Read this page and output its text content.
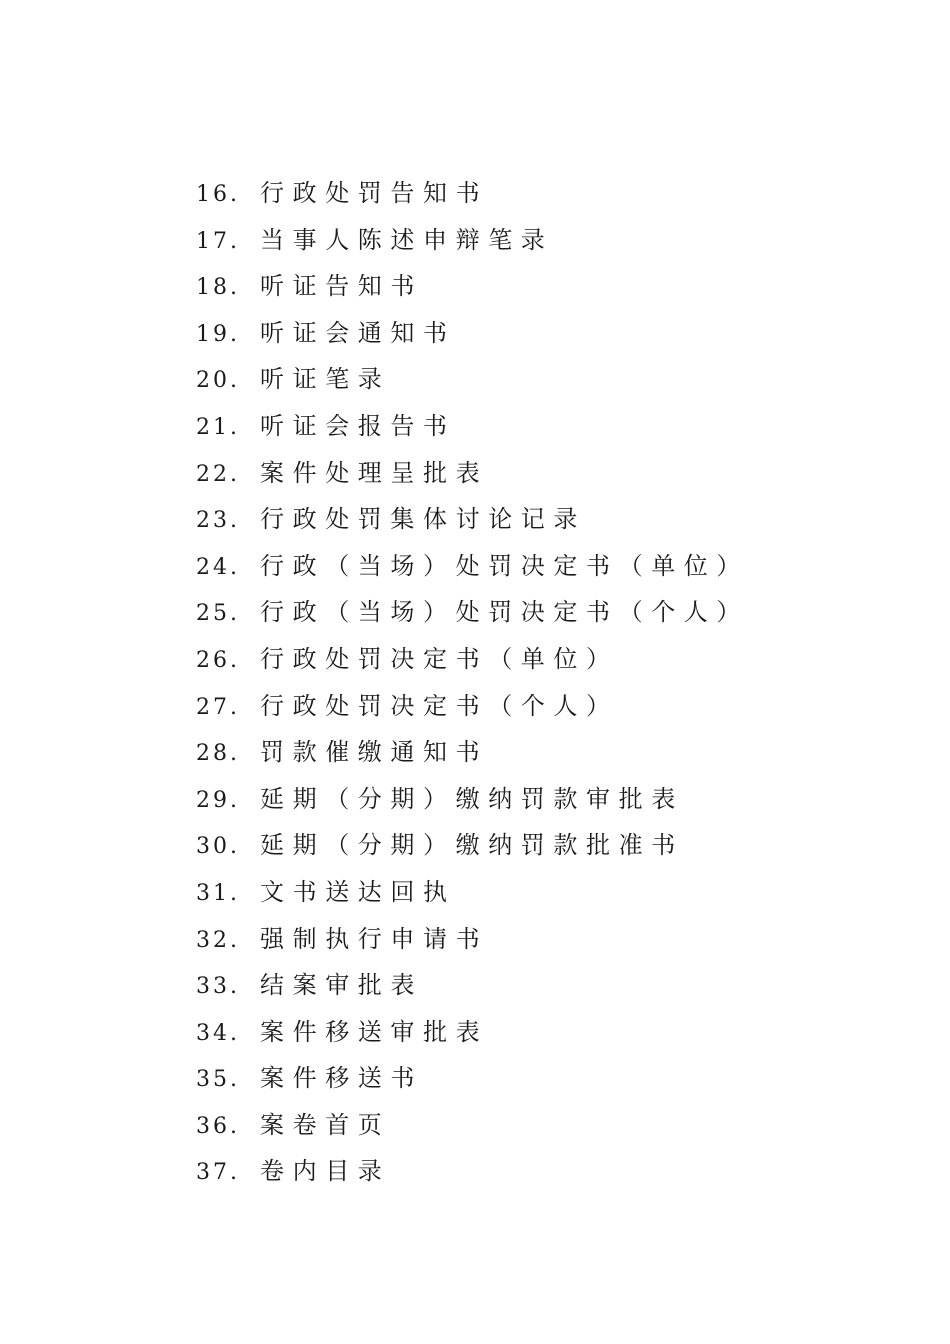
16. 行政处罚告知书
17. 当事人陈述申辩笔录
18. 听证告知书
19. 听证会通知书
20. 听证笔录
21. 听证会报告书
22. 案件处理呈批表
23. 行政处罚集体讨论记录
24. 行政（当场）处罚决定书（单位）
25. 行政（当场）处罚决定书（个人）
26. 行政处罚决定书（单位）
27. 行政处罚决定书（个人）
28. 罚款催缴通知书
29. 延期（分期）缴纳罚款审批表
30. 延期（分期）缴纳罚款批准书
31. 文书送达回执
32. 强制执行申请书
33. 结案审批表
34. 案件移送审批表
35. 案件移送书
36. 案卷首页
37. 卷内目录
